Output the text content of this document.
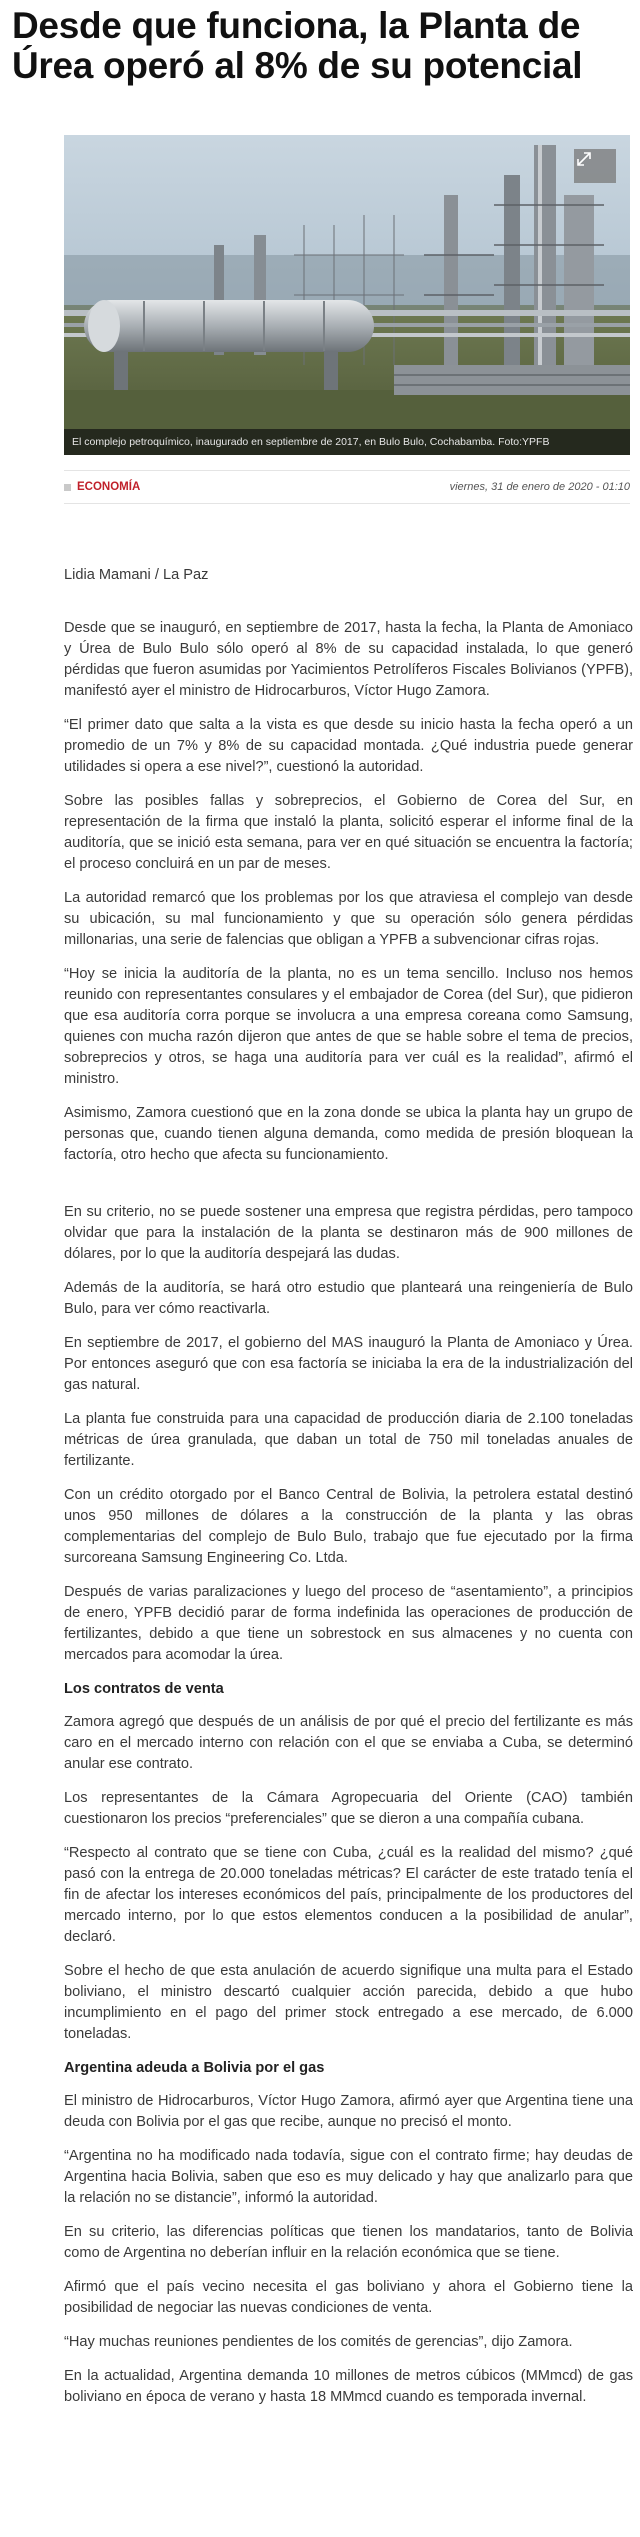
Desde que funciona, la Planta de Úrea operó al 8% de su potencial
El complejo petroquímico, inaugurado en septiembre de 2017, en Bulo Bulo, Cochabamba. Foto:YPFB
ECONOMÍA	viernes, 31 de enero de 2020 - 01:10

Lidia Mamani / La Paz

Desde que se inauguró, en septiembre de 2017, hasta la fecha, la Planta de Amoniaco y Úrea de Bulo Bulo sólo operó al 8% de su capacidad instalada, lo que generó pérdidas que fueron asumidas por Yacimientos Petrolíferos Fiscales Bolivianos (YPFB), manifestó ayer el ministro de Hidrocarburos, Víctor Hugo Zamora.

“El primer dato que salta a la vista es que desde su inicio hasta la fecha operó a un promedio de un 7% y 8% de su capacidad montada. ¿Qué industria puede generar utilidades si opera a ese nivel?”, cuestionó la autoridad.

Sobre las posibles fallas y sobreprecios, el Gobierno de Corea del Sur, en representación de la firma que instaló la planta, solicitó esperar el informe final de la auditoría, que se inició esta semana, para ver en qué situación se encuentra la factoría; el proceso concluirá en un par de meses.

La autoridad remarcó que los problemas por los que atraviesa el complejo van desde su ubicación, su mal funcionamiento y que su operación sólo genera pérdidas millonarias, una serie de falencias que obligan a YPFB a subvencionar cifras rojas.

“Hoy se inicia la auditoría de la planta, no es un tema sencillo. Incluso nos hemos reunido con representantes consulares y el embajador de Corea (del Sur), que pidieron que esa auditoría corra porque se involucra a una empresa coreana como Samsung, quienes con mucha razón dijeron que antes de que se hable sobre el tema de precios, sobreprecios y otros, se haga una auditoría para ver cuál es la realidad”, afirmó el ministro.

Asimismo, Zamora cuestionó que en la zona donde se ubica la planta hay un grupo de personas que, cuando tienen alguna demanda, como medida de presión bloquean la factoría, otro hecho que afecta su funcionamiento.

En su criterio, no se puede sostener una empresa que registra pérdidas, pero tampoco olvidar que para la instalación de la planta se destinaron más de 900 millones de dólares, por lo que la auditoría despejará las dudas.

Además de la auditoría, se hará otro estudio que planteará una reingeniería de Bulo Bulo, para ver cómo reactivarla.

En septiembre de 2017, el gobierno del MAS inauguró la Planta de Amoniaco y Úrea. Por entonces aseguró que con esa factoría se iniciaba la era de la industrialización del gas natural.

La planta fue construida para una capacidad de producción diaria de 2.100 toneladas métricas de úrea granulada, que daban un total de 750 mil toneladas anuales de fertilizante.

Con un crédito otorgado por el Banco Central de Bolivia, la petrolera estatal destinó unos 950 millones de dólares a la construcción de la planta y las obras complementarias del complejo de Bulo Bulo, trabajo que fue ejecutado por la firma surcoreana Samsung Engineering Co. Ltda.

Después de varias paralizaciones y luego del proceso de “asentamiento”, a principios de enero, YPFB decidió parar de forma indefinida las operaciones de producción de fertilizantes, debido a que tiene un sobrestock en sus almacenes y no cuenta con mercados para acomodar la úrea.

Los contratos de venta

Zamora agregó que después de un análisis de por qué el precio del fertilizante es más caro en el mercado interno con relación con el que se enviaba a Cuba, se determinó anular ese contrato.

Los representantes de la Cámara Agropecuaria del Oriente (CAO) también cuestionaron los precios “preferenciales” que se dieron a una compañía cubana.

“Respecto al contrato que se tiene con Cuba, ¿cuál es la realidad del mismo? ¿qué pasó con la entrega de 20.000 toneladas métricas? El carácter de este tratado tenía el fin de afectar los intereses económicos del país, principalmente de los productores del mercado interno, por lo que estos elementos conducen a la posibilidad de anular”, declaró.

Sobre el hecho de que esta anulación de acuerdo signifique una multa para el Estado boliviano, el ministro descartó cualquier acción parecida, debido a que hubo incumplimiento en el pago del primer stock entregado a ese mercado, de 6.000 toneladas.

Argentina adeuda a Bolivia por el gas

El ministro de Hidrocarburos, Víctor Hugo Zamora, afirmó ayer que Argentina tiene una deuda con Bolivia por el gas que recibe, aunque no precisó el monto.

“Argentina no ha modificado nada todavía, sigue con el contrato firme; hay deudas de Argentina hacia Bolivia, saben que eso es muy delicado y hay que analizarlo para que la relación no se distancie”, informó la autoridad.

En su criterio, las diferencias políticas que tienen los mandatarios, tanto de Bolivia como de Argentina no deberían influir en la relación económica que se tiene.

Afirmó que el país vecino necesita el gas boliviano y ahora el Gobierno tiene la posibilidad de negociar las nuevas condiciones de venta.

“Hay muchas reuniones pendientes de los comités de gerencias”, dijo Zamora.

En la actualidad, Argentina demanda 10 millones de metros cúbicos (MMmcd) de gas boliviano en época de verano y hasta 18 MMmcd cuando es temporada invernal.
